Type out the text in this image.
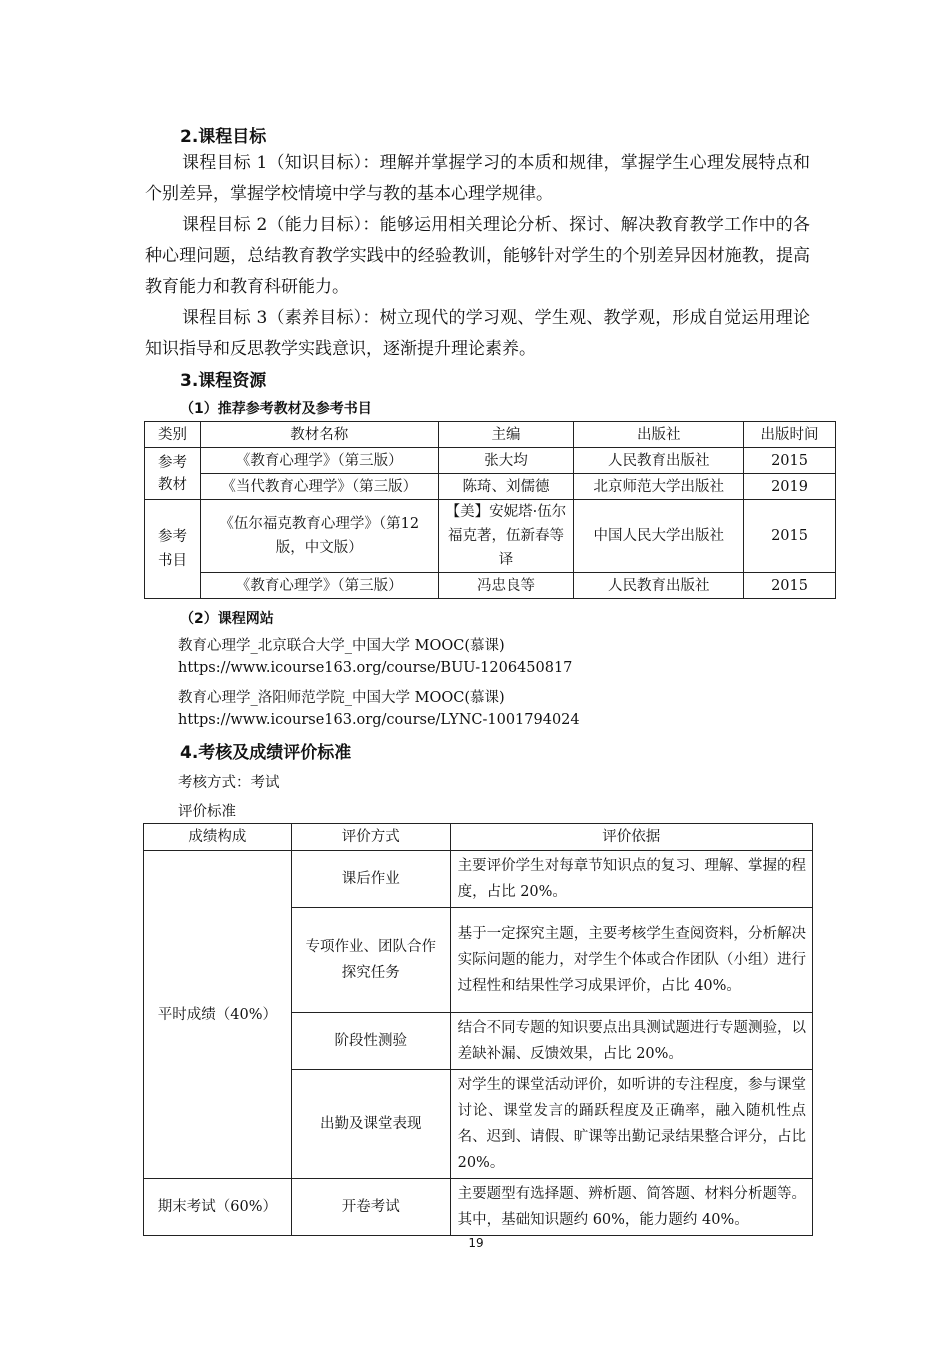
2.课程目标

课程目标 1（知识目标）：理解并掌握学习的本质和规律，掌握学生心理发展特点和个别差异，掌握学校情境中学与教的基本心理学规律。

课程目标 2（能力目标）：能够运用相关理论分析、探讨、解决教育教学工作中的各种心理问题，总结教育教学实践中的经验教训，能够针对学生的个别差异因材施教，提高教育能力和教育科研能力。

课程目标 3（素养目标）：树立现代的学习观、学生观、教学观，形成自觉运用理论知识指导和反思教学实践意识，逐渐提升理论素养。

3.课程资源
（1）推荐参考教材及参考书目
类别	教材名称	主编	出版社	出版时间

参考
教材	《教育心理学》（第三版）	张大均	人民教育出版社	2015
	《当代教育心理学》（第三版）	陈琦、刘儒德	北京师范大学出版社	2019

参考
书目	《伍尔福克教育心理学》（第12版，中文版）	【美】安妮塔·伍尔福克著，伍新春等译	中国人民大学出版社	2015
	《教育心理学》（第三版）	冯忠良等	人民教育出版社	2015
（2）课程网站
教育心理学_北京联合大学_中国大学 MOOC(慕课)
https://www.icourse163.org/course/BUU-1206450817
教育心理学_洛阳师范学院_中国大学 MOOC(慕课)
https://www.icourse163.org/course/LYNC-1001794024
4.考核及成绩评价标准
考核方式：考试
评价标准
成绩构成	评价方式	评价依据
平时成绩（40%）	课后作业	主要评价学生对每章节知识点的复习、理解、掌握的程度，占比 20%。
	专项作业、团队合作探究任务	基于一定探究主题，主要考核学生查阅资料，分析解决实际问题的能力，对学生个体或合作团队（小组）进行过程性和结果性学习成果评价，占比 40%。
	阶段性测验	结合不同专题的知识要点出具测试题进行专题测验，以差缺补漏、反馈效果，占比 20%。
	出勤及课堂表现	对学生的课堂活动评价，如听讲的专注程度，参与课堂讨论、课堂发言的踊跃程度及正确率，融入随机性点名、迟到、请假、旷课等出勤记录结果整合评分，占比 20%。
期末考试（60%）	开卷考试	主要题型有选择题、辨析题、简答题、材料分析题等。其中，基础知识题约 60%，能力题约 40%。
19
